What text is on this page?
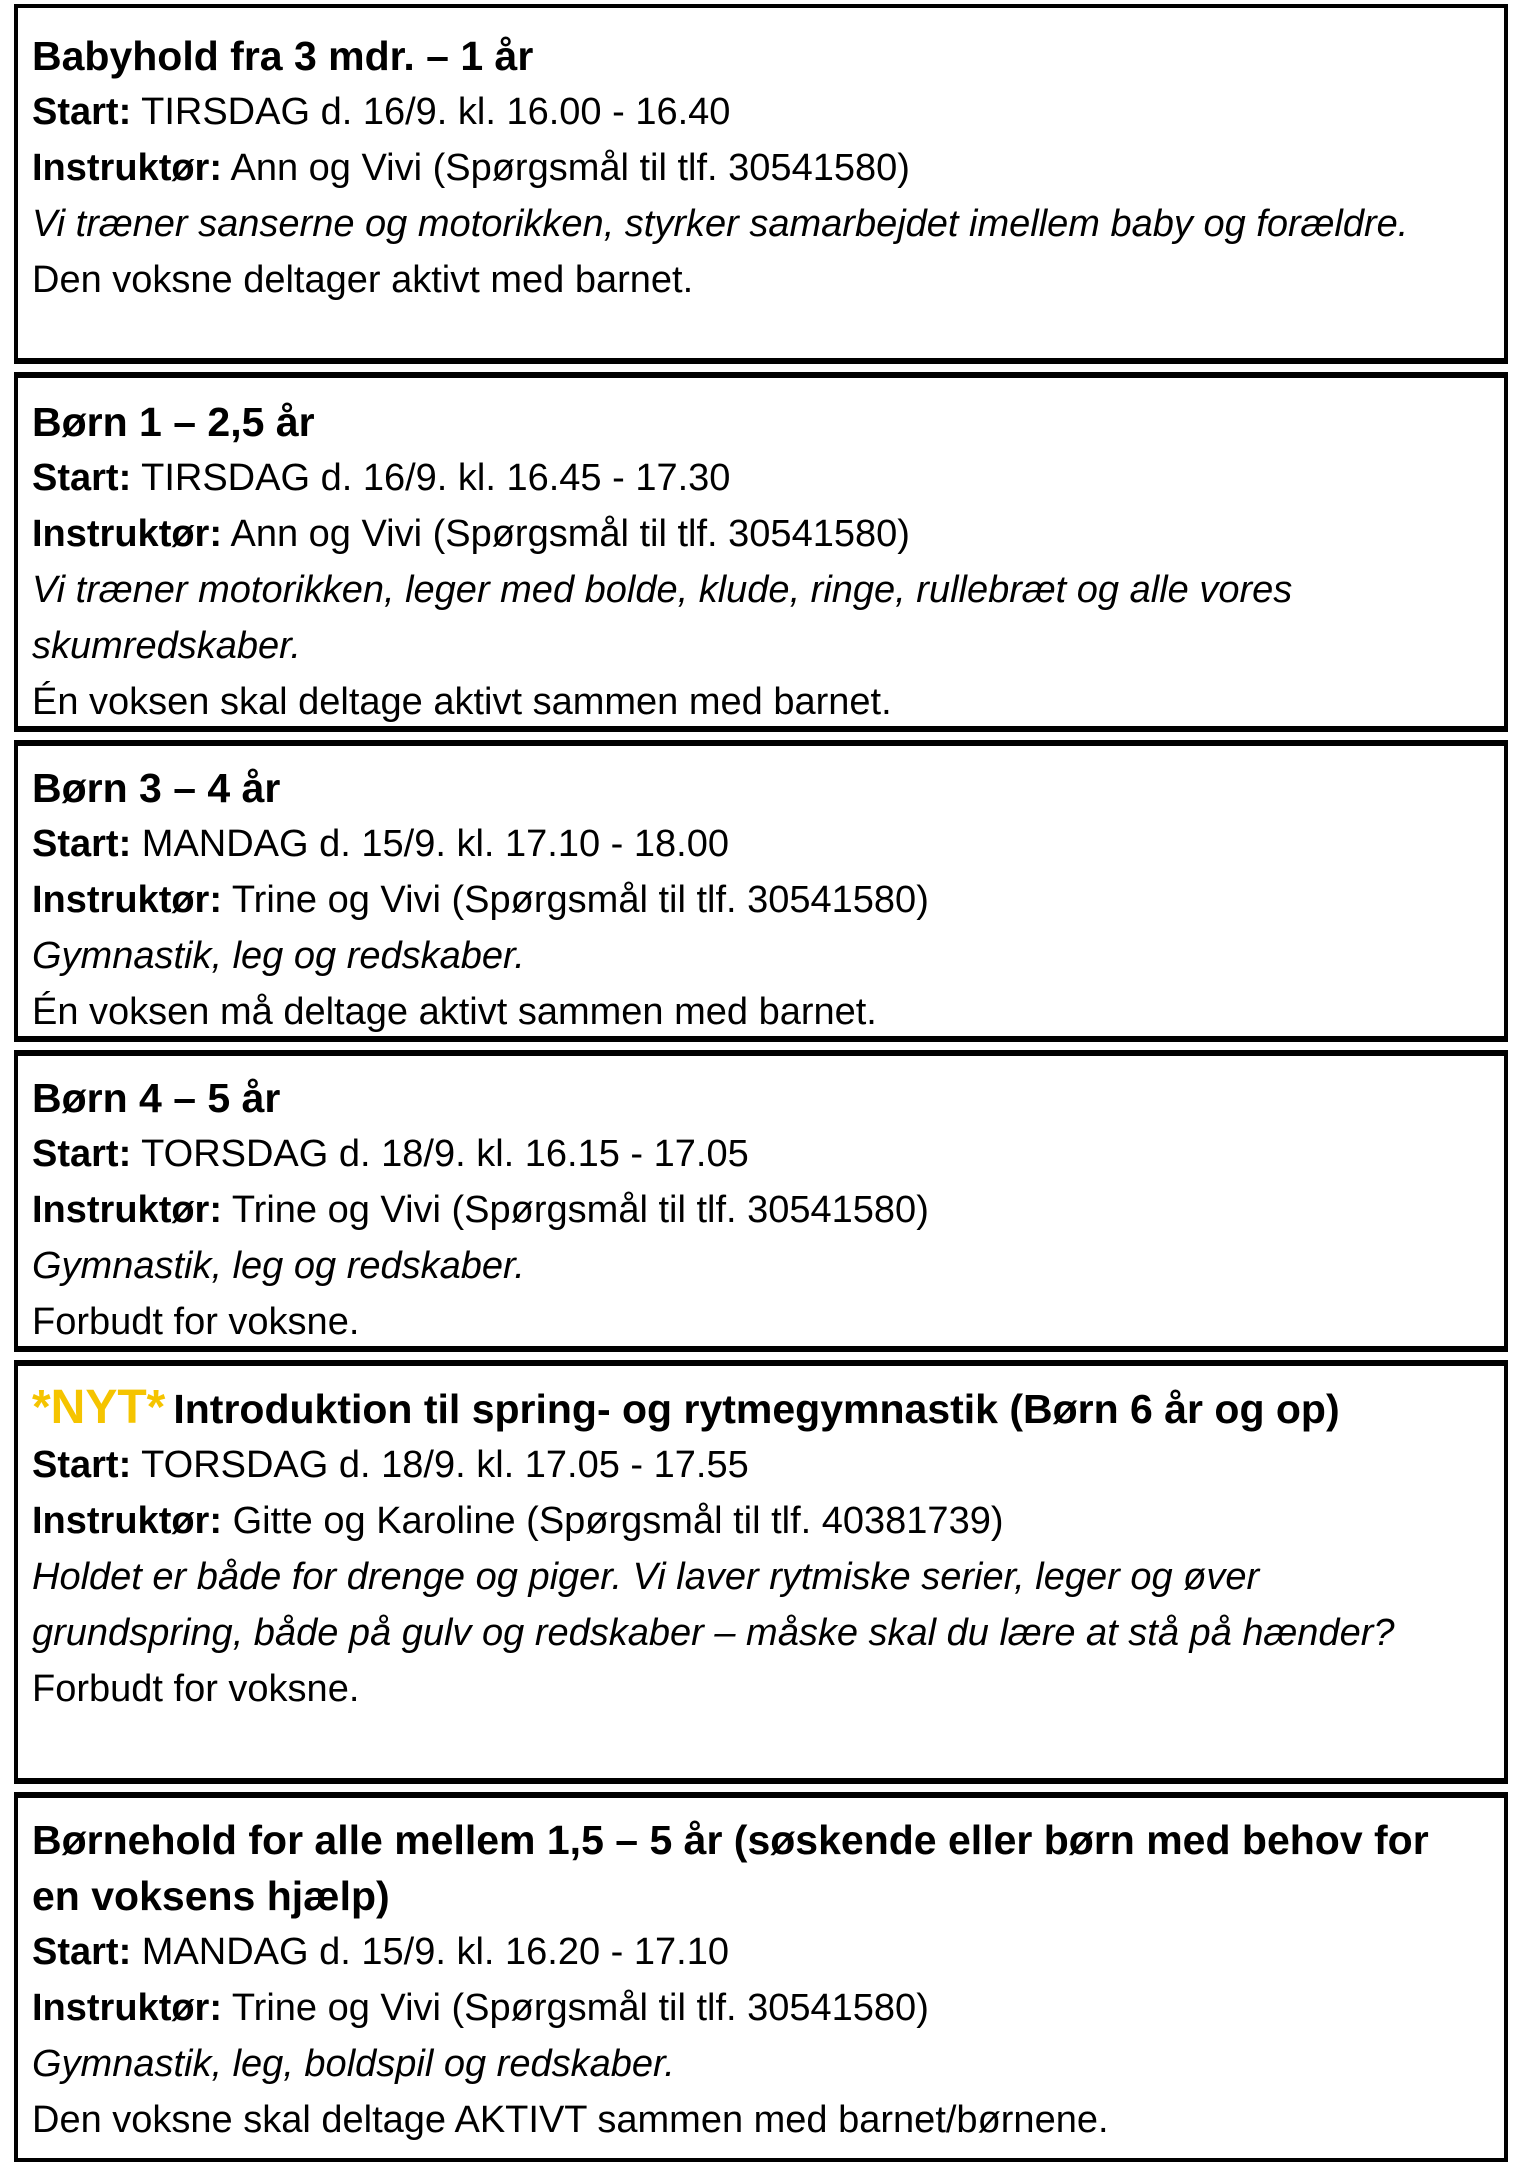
Babyhold fra 3 mdr. – 1 år
Start: TIRSDAG d. 16/9. kl. 16.00 - 16.40
Instruktør: Ann og Vivi (Spørgsmål til tlf. 30541580)
Vi træner sanserne og motorikken, styrker samarbejdet imellem baby og forældre.
Den voksne deltager aktivt med barnet.
Børn 1 – 2,5 år
Start: TIRSDAG d. 16/9. kl. 16.45 - 17.30
Instruktør: Ann og Vivi (Spørgsmål til tlf. 30541580)
Vi træner motorikken, leger med bolde, klude, ringe, rullebræt og alle vores skumredskaber.
Én voksen skal deltage aktivt sammen med barnet.
Børn 3 – 4 år
Start: MANDAG d. 15/9. kl. 17.10 - 18.00
Instruktør: Trine og Vivi (Spørgsmål til tlf. 30541580)
Gymnastik, leg og redskaber.
Én voksen må deltage aktivt sammen med barnet.
Børn 4 – 5 år
Start: TORSDAG d. 18/9. kl. 16.15 - 17.05
Instruktør: Trine og Vivi (Spørgsmål til tlf. 30541580)
Gymnastik, leg og redskaber.
Forbudt for voksne.
*NYT* Introduktion til spring- og rytmegymnastik (Børn 6 år og op)
Start: TORSDAG d. 18/9. kl. 17.05 - 17.55
Instruktør: Gitte og Karoline (Spørgsmål til tlf. 40381739)
Holdet er både for drenge og piger. Vi laver rytmiske serier, leger og øver grundspring, både på gulv og redskaber – måske skal du lære at stå på hænder?
Forbudt for voksne.
Børnehold for alle mellem 1,5 – 5 år (søskende eller børn med behov for en voksens hjælp)
Start: MANDAG d. 15/9. kl. 16.20 - 17.10
Instruktør: Trine og Vivi (Spørgsmål til tlf. 30541580)
Gymnastik, leg, boldspil og redskaber.
Den voksne skal deltage AKTIVT sammen med barnet/børnene.
